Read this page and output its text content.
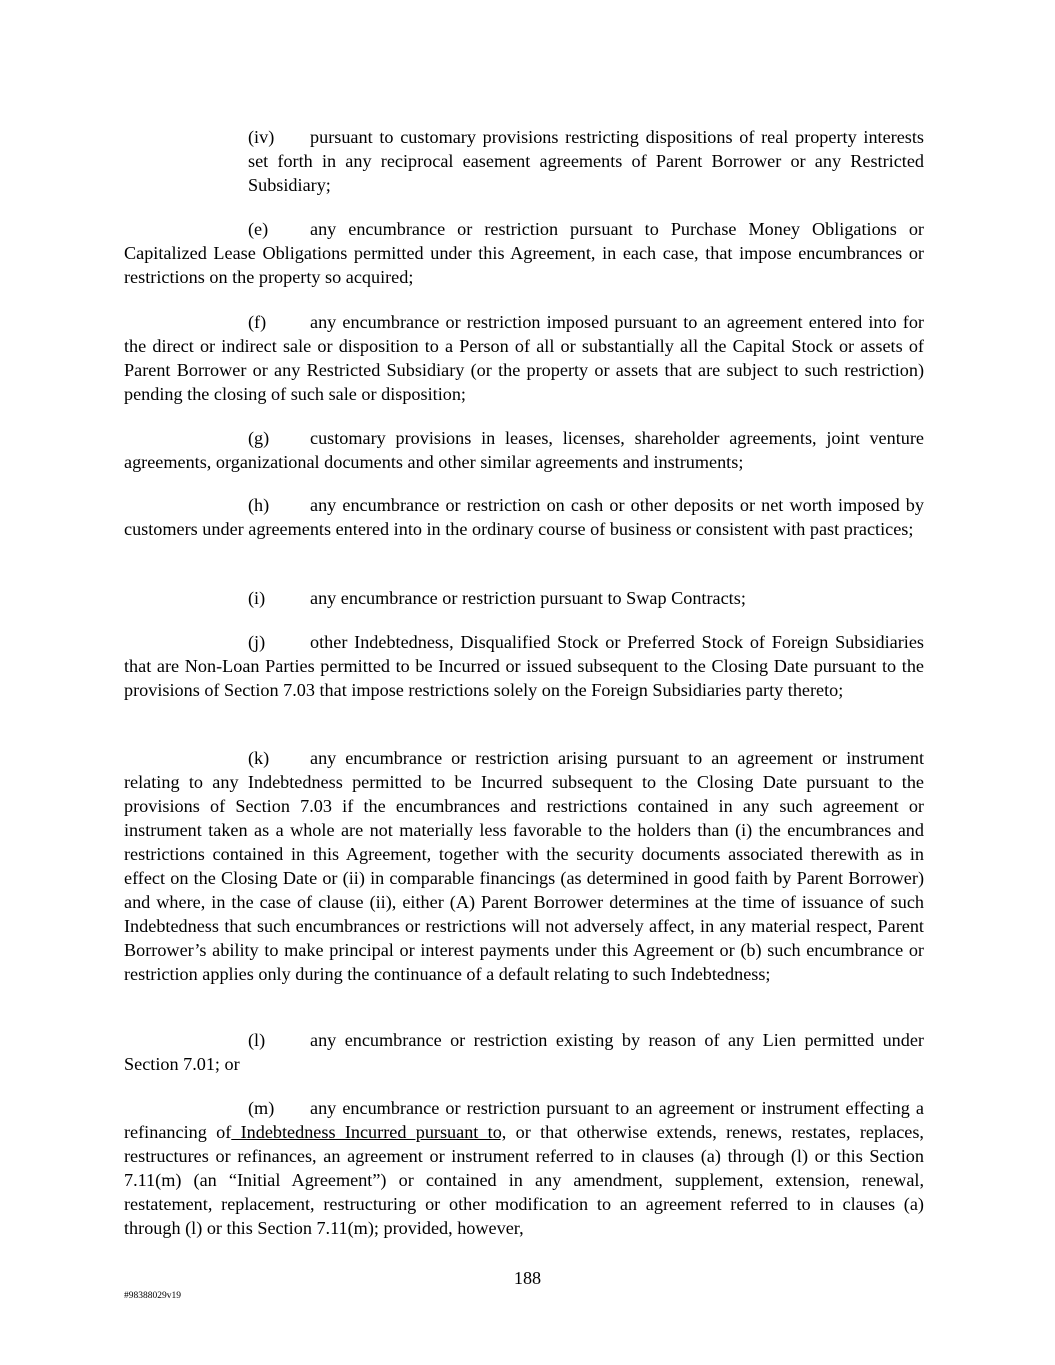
(iv) pursuant to customary provisions restricting dispositions of real property interests set forth in any reciprocal easement agreements of Parent Borrower or any Restricted Subsidiary;

(e) any encumbrance or restriction pursuant to Purchase Money Obligations or Capitalized Lease Obligations permitted under this Agreement, in each case, that impose encumbrances or restrictions on the property so acquired;

(f) any encumbrance or restriction imposed pursuant to an agreement entered into for the direct or indirect sale or disposition to a Person of all or substantially all the Capital Stock or assets of Parent Borrower or any Restricted Subsidiary (or the property or assets that are subject to such restriction) pending the closing of such sale or disposition;

(g) customary provisions in leases, licenses, shareholder agreements, joint venture agreements, organizational documents and other similar agreements and instruments;

(h) any encumbrance or restriction on cash or other deposits or net worth imposed by customers under agreements entered into in the ordinary course of business or consistent with past practices;

(i) any encumbrance or restriction pursuant to Swap Contracts;

(j) other Indebtedness, Disqualified Stock or Preferred Stock of Foreign Subsidiaries that are Non-Loan Parties permitted to be Incurred or issued subsequent to the Closing Date pursuant to the provisions of Section 7.03 that impose restrictions solely on the Foreign Subsidiaries party thereto;

(k) any encumbrance or restriction arising pursuant to an agreement or instrument relating to any Indebtedness permitted to be Incurred subsequent to the Closing Date pursuant to the provisions of Section 7.03 if the encumbrances and restrictions contained in any such agreement or instrument taken as a whole are not materially less favorable to the holders than (i) the encumbrances and restrictions contained in this Agreement, together with the security documents associated therewith as in effect on the Closing Date or (ii) in comparable financings (as determined in good faith by Parent Borrower) and where, in the case of clause (ii), either (A) Parent Borrower determines at the time of issuance of such Indebtedness that such encumbrances or restrictions will not adversely affect, in any material respect, Parent Borrower’s ability to make principal or interest payments under this Agreement or (b) such encumbrance or restriction applies only during the continuance of a default relating to such Indebtedness;

(l) any encumbrance or restriction existing by reason of any Lien permitted under Section 7.01; or

(m) any encumbrance or restriction pursuant to an agreement or instrument effecting a refinancing of Indebtedness Incurred pursuant to, or that otherwise extends, renews, restates, replaces, restructures or refinances, an agreement or instrument referred to in clauses (a) through (l) or this Section 7.11(m) (an “Initial Agreement”) or contained in any amendment, supplement, extension, renewal, restatement, replacement, restructuring or other modification to an agreement referred to in clauses (a) through (l) or this Section 7.11(m); provided, however,

188
#98388029v19
